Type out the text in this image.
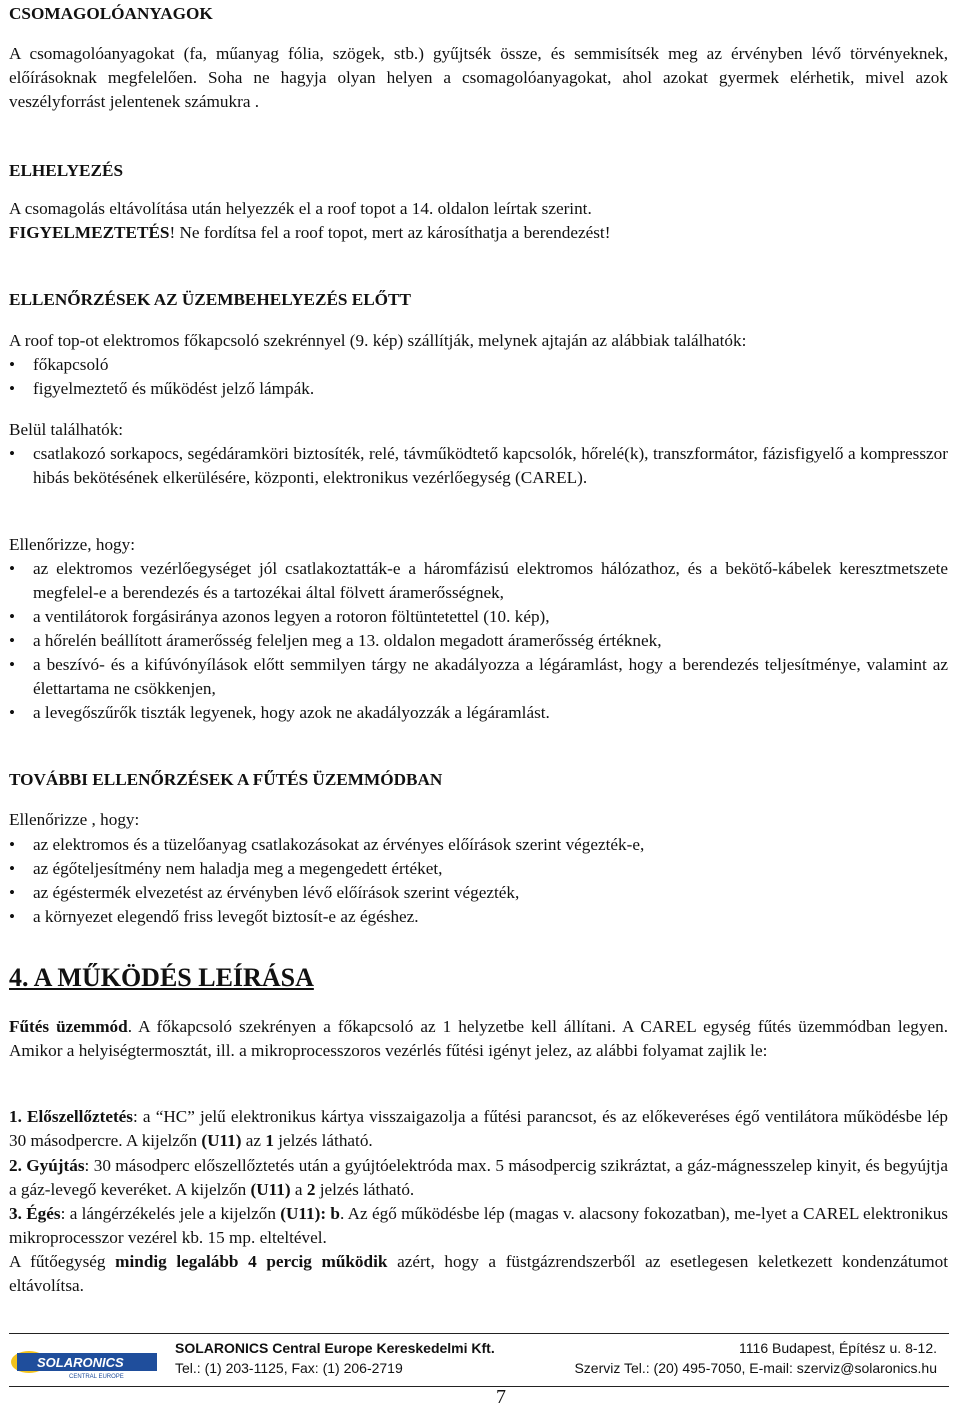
CSOMAGOLÓANYAGOK

A csomagolóanyagokat (fa, műanyag fólia, szögek, stb.) gyűjtsék össze, és semmisítsék meg az érvényben lévő törvényeknek, előírásoknak megfelelően. Soha ne hagyja olyan helyen a csomagolóanyagokat, ahol azokat gyermek elérhetik, mivel azok veszélyforrást jelentenek számukra .

ELHELYEZÉS
A csomagolás eltávolítása után helyezzék el a roof topot a 14. oldalon leírtak szerint.
FIGYELMEZTETÉS! Ne fordítsa fel a roof topot, mert az károsíthatja a berendezést!
ELLENŐRZÉSEK AZ ÜZEMBEHELYEZÉS ELŐTT
A roof top-ot elektromos főkapcsoló szekrénnyel (9. kép) szállítják, melynek ajtaján az alábbiak találhatók:
• főkapcsoló
• figyelmeztető és működést jelző lámpák.
Belül találhatók:
• csatlakozó sorkapocs, segédáramköri biztosíték, relé, távműködtető kapcsolók, hőrelé(k), transzformátor, fázisfigyelő a kompresszor hibás bekötésének elkerülésére, központi, elektronikus vezérlőegység (CAREL).
Ellenőrizze, hogy:
• az elektromos vezérlőegységet jól csatlakoztatták-e a háromfázisú elektromos hálózathoz, és a bekötő-kábelek keresztmetszete megfelel-e a berendezés és a tartozékai által fölvett áramerősségnek,
• a ventilátorok forgásiránya azonos legyen a rotoron föltüntetettel (10. kép),
• a hőrelén beállított áramerősség feleljen meg a 13. oldalon megadott áramerősség értéknek,
• a beszívó- és a kifúvónyílások előtt semmilyen tárgy ne akadályozza a légáramlást, hogy a berendezés teljesítménye, valamint az élettartama ne csökkenjen,
• a levegőszűrők tiszták legyenek, hogy azok ne akadályozzák a légáramlást.
TOVÁBBI ELLENŐRZÉSEK A FŰTÉS ÜZEMMÓDBAN
Ellenőrizze , hogy:
• az elektromos és a tüzelőanyag csatlakozásokat az érvényes előírások szerint végezték-e,
• az égőteljesítmény nem haladja meg a megengedett értéket,
• az égéstermék elvezetést az érvényben lévő előírások szerint végezték,
• a környezet elegendő friss levegőt biztosít-e az égéshez.
4. A MŰKÖDÉS LEÍRÁSA

Fűtés üzemmód. A főkapcsoló szekrényen a főkapcsoló az 1 helyzetbe kell állítani. A CAREL egység fűtés üzemmódban legyen. Amikor a helyiségtermosztát, ill. a mikroprocesszoros vezérlés fűtési igényt jelez, az alábbi folyamat zajlik le:

1. Előszellőztetés: a “HC” jelű elektronikus kártya visszaigazolja a fűtési parancsot, és az előkeveréses égő ventilátora működésbe lép 30 másodpercre. A kijelzőn (U11) az 1 jelzés látható.

2. Gyújtás: 30 másodperc előszellőztetés után a gyújtóelektróda max. 5 másodpercig szikráztat, a gáz-mágnesszelep kinyit, és begyújtja a gáz-levegő keveréket. A kijelzőn (U11) a 2 jelzés látható.

3. Égés: a lángérzékelés jele a kijelzőn (U11): b. Az égő működésbe lép (magas v. alacsony fokozatban), me-lyet a CAREL elektronikus mikroprocesszor vezérel kb. 15 mp. elteltével.

A fűtőegység mindig legalább 4 percig működik azért, hogy a füstgázrendszerből az esetlegesen keletkezett kondenzátumot eltávolítsa.

SOLARONICS
CENTRAL EUROPE
SOLARONICS Central Europe Kereskedelmi Kft.	1116 Budapest, Építész u. 8-12.
Tel.: (1) 203-1125, Fax: (1) 206-2719	Szerviz Tel.: (20) 495-7050, E-mail: szerviz@solaronics.hu
7
